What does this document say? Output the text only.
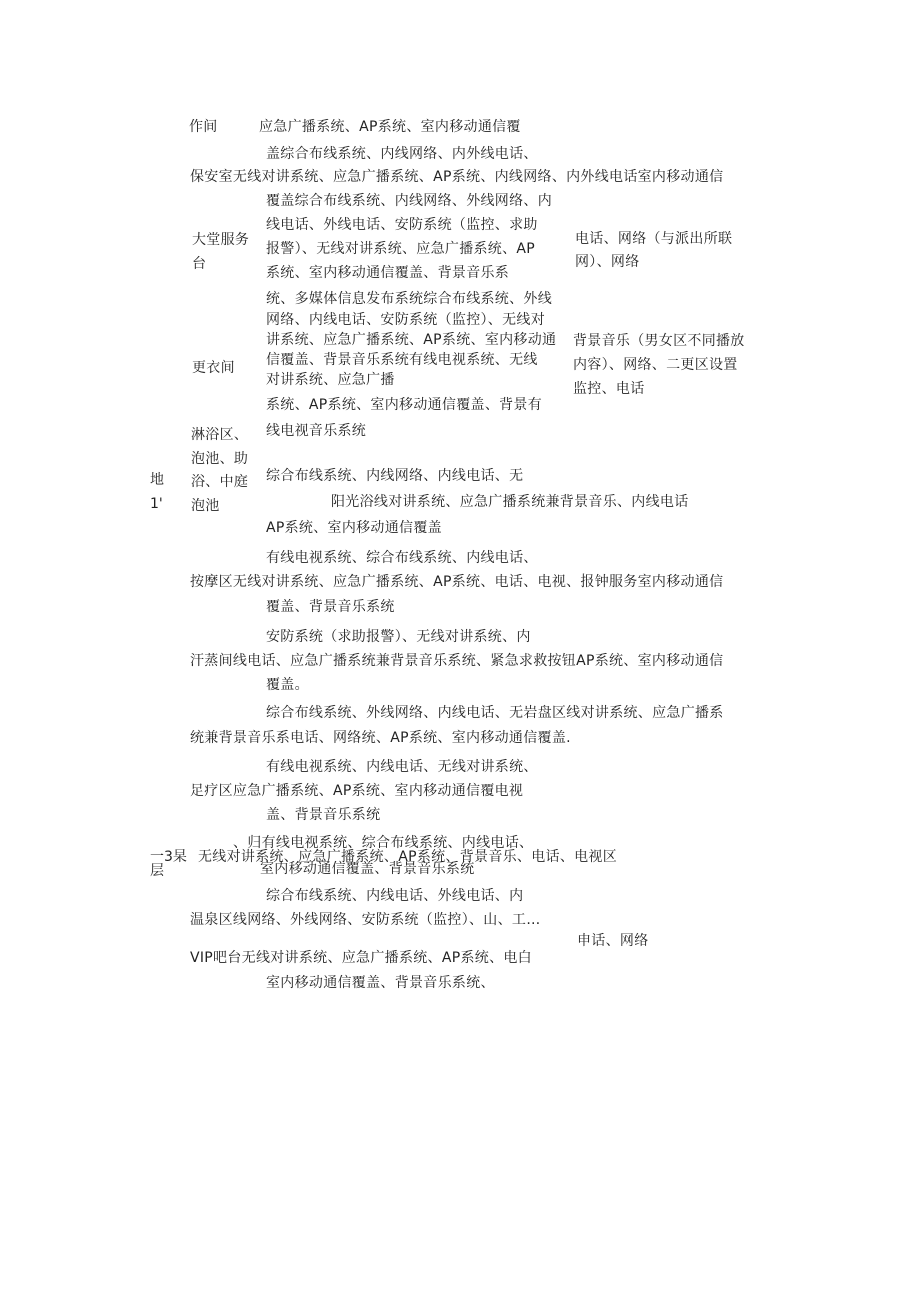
作间	应急广播系统、AP系统、室内移动通信覆
盖综合布线系统、内线网络、内外线电话、
保安室无线对讲系统、应急广播系统、AP系统、内线网络、内外线电话室内移动通信
覆盖综合布线系统、内线网络、外线网络、内
大堂服务
台
线电话、外线电话、安防系统（监控、求助
报警）、无线对讲系统、应急广播系统、AP
系统、室内移动通信覆盖、背景音乐系
电话、网络（与派出所联
网）、网络
更衣间
统、多媒体信息发布系统综合布线系统、外线
网络、内线电话、安防系统（监控）、无线对
讲系统、应急广播系统、AP系统、室内移动通
信覆盖、背景音乐系统有线电视系统、无线
对讲系统、应急广播
系统、AP系统、室内移动通信覆盖、背景有
线电视音乐系统
背景音乐（男女区不同播放
内容）、网络、二更区设置
监控、电话
地
1'
淋浴区、
泡池、助
浴、中庭
泡池
综合布线系统、内线网络、内线电话、无
阳光浴线对讲系统、应急广播系统兼背景音乐、内线电话
AP系统、室内移动通信覆盖
有线电视系统、综合布线系统、内线电话、
按摩区无线对讲系统、应急广播系统、AP系统、电话、电视、报钟服务室内移动通信
覆盖、背景音乐系统
安防系统（求助报警）、无线对讲系统、内
汗蒸间线电话、应急广播系统兼背景音乐系统、紧急求救按钮AP系统、室内移动通信
覆盖。
综合布线系统、外线网络、内线电话、无岩盘区线对讲系统、应急广播系
统兼背景音乐系电话、网络统、AP系统、室内移动通信覆盖.
有线电视系统、内线电话、无线对讲系统、
足疗区应急广播系统、AP系统、室内移动通信覆电视
盖、背景音乐系统
、归有线电视系统、综合布线系统、内线电话、
一3杲 无线对讲系统、应急广播系统、AP系统、背景音乐、电话、电视区
层	室内移动通信覆盖、背景音乐系统
综合布线系统、内线电话、外线电话、内
温泉区线网络、外线网络、安防系统（监控）、山、工…
申话、网络
VIP吧台无线对讲系统、应急广播系统、AP系统、电白
室内移动通信覆盖、背景音乐系统、
